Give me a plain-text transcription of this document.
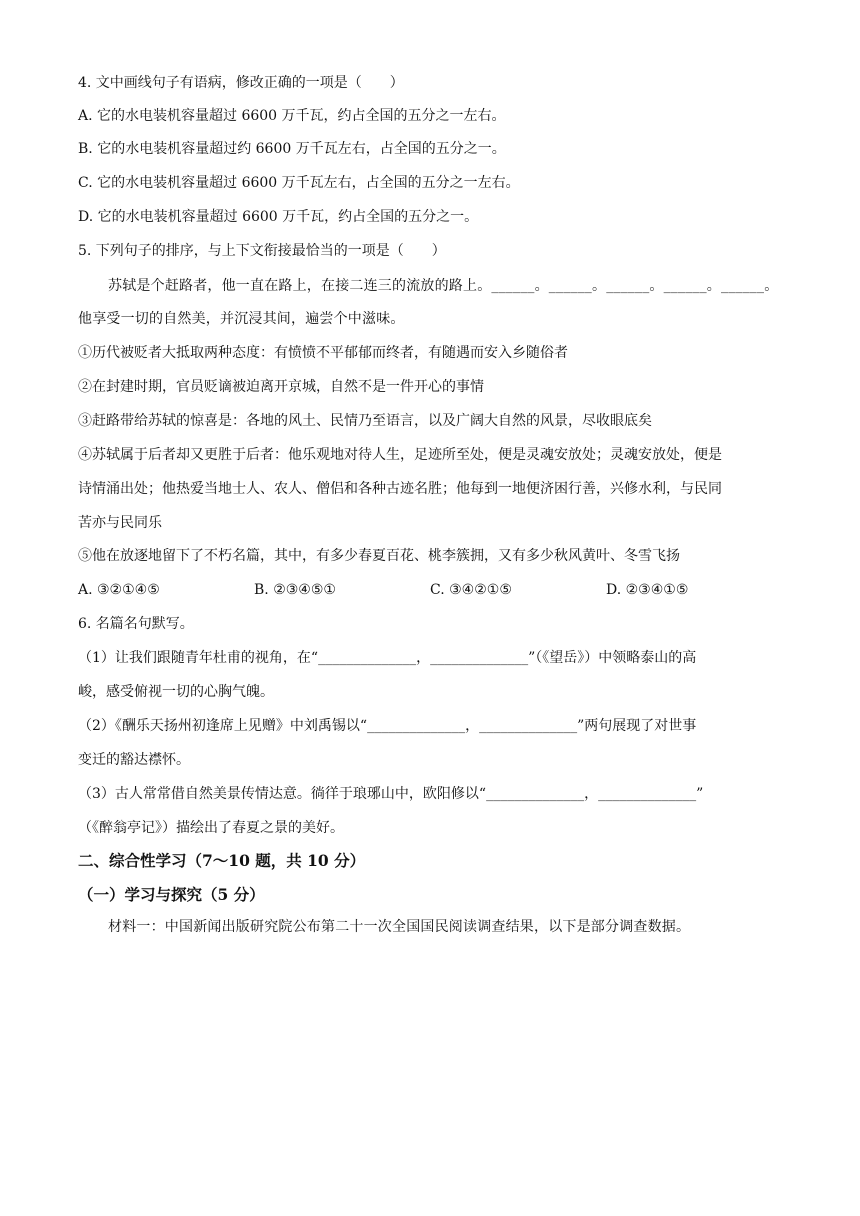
4. 文中画线句子有语病，修改正确的一项是（　　）
A. 它的水电装机容量超过 6600 万千瓦，约占全国的五分之一左右。
B. 它的水电装机容量超过约 6600 万千瓦左右，占全国的五分之一。
C. 它的水电装机容量超过 6600 万千瓦左右，占全国的五分之一左右。
D. 它的水电装机容量超过 6600 万千瓦，约占全国的五分之一。
5. 下列句子的排序，与上下文衔接最恰当的一项是（　　）
苏轼是个赶路者，他一直在路上，在接二连三的流放的路上。______。______。______。______。______。
他享受一切的自然美，并沉浸其间，遍尝个中滋味。
①历代被贬者大抵取两种态度：有愤愤不平郁郁而终者，有随遇而安入乡随俗者
②在封建时期，官员贬谪被迫离开京城，自然不是一件开心的事情
③赶路带给苏轼的惊喜是：各地的风土、民情乃至语言，以及广阔大自然的风景，尽收眼底矣
④苏轼属于后者却又更胜于后者：他乐观地对待人生，足迹所至处，便是灵魂安放处；灵魂安放处，便是
诗情涌出处；他热爱当地士人、农人、僧侣和各种古迹名胜；他每到一地便济困行善，兴修水利，与民同
苦亦与民同乐
⑤他在放逐地留下了不朽名篇，其中，有多少春夏百花、桃李簇拥，又有多少秋风黄叶、冬雪飞扬
A. ③②①④⑤	B. ②③④⑤①	C. ③④②①⑤	D. ②③④①⑤
6. 名篇名句默写。
（1）让我们跟随青年杜甫的视角，在“______________，______________”（《望岳》）中领略泰山的高
峻，感受俯视一切的心胸气魄。
（2）《酬乐天扬州初逢席上见赠》中刘禹锡以“______________，______________”两句展现了对世事
变迁的豁达襟怀。
（3）古人常常借自然美景传情达意。徜徉于琅琊山中，欧阳修以“______________，______________”
（《醉翁亭记》）描绘出了春夏之景的美好。
二、综合性学习（7～10 题，共 10 分）
（一）学习与探究（5 分）
材料一：中国新闻出版研究院公布第二十一次全国国民阅读调查结果，以下是部分调查数据。
